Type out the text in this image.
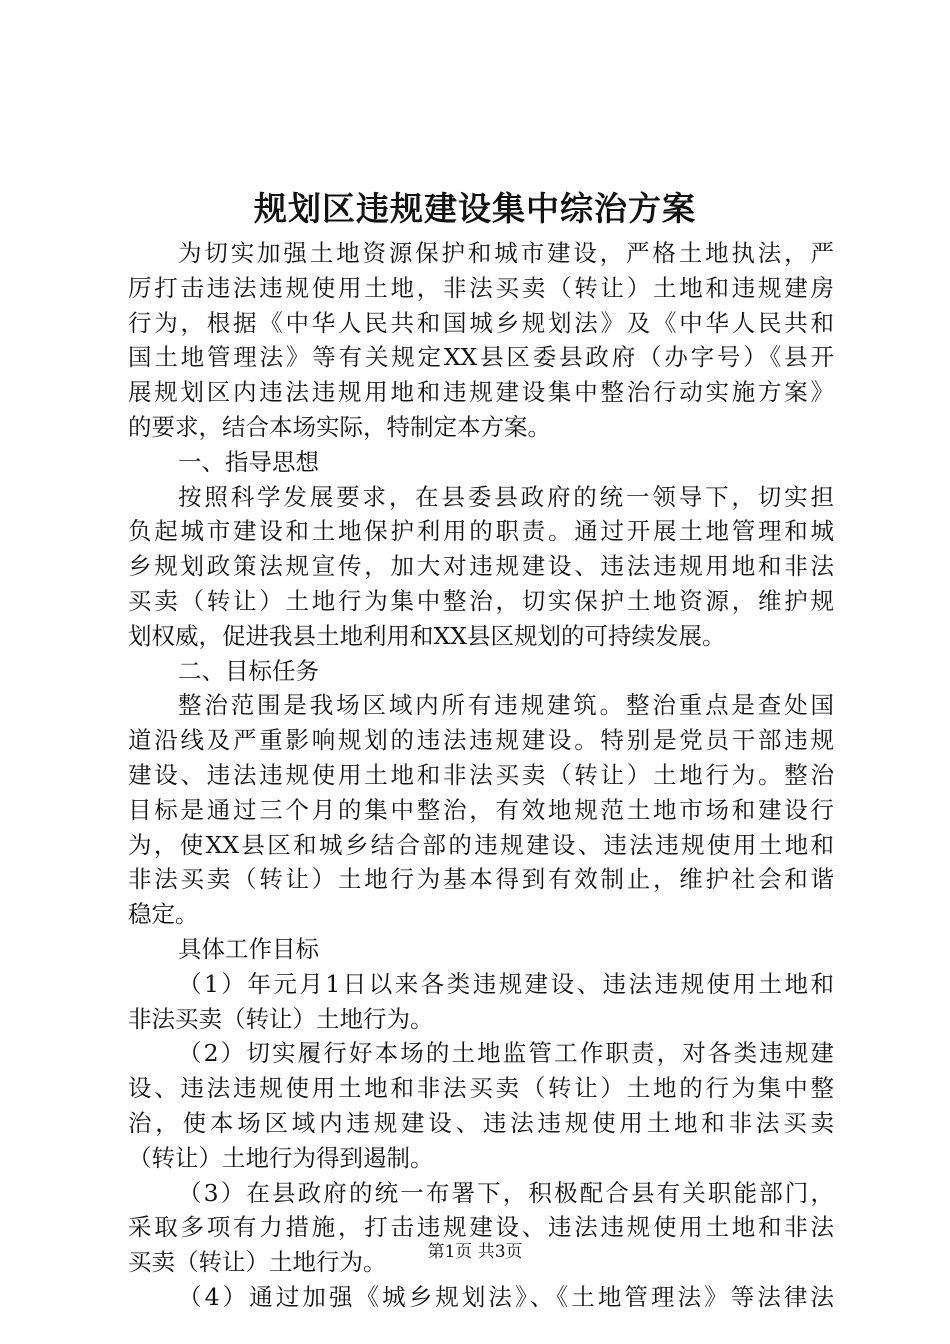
规划区违规建设集中综治方案
为切实加强土地资源保护和城市建设，严格土地执法，严
厉打击违法违规使用土地，非法买卖（转让）土地和违规建房
行为，根据《中华人民共和国城乡规划法》及《中华人民共和
国土地管理法》等有关规定XX县区委县政府（办字号）《县开
展规划区内违法违规用地和违规建设集中整治行动实施方案》
的要求，结合本场实际，特制定本方案。
一、指导思想
按照科学发展要求，在县委县政府的统一领导下，切实担
负起城市建设和土地保护利用的职责。通过开展土地管理和城
乡规划政策法规宣传，加大对违规建设、违法违规用地和非法
买卖（转让）土地行为集中整治，切实保护土地资源，维护规
划权威，促进我县土地利用和XX县区规划的可持续发展。
二、目标任务
整治范围是我场区域内所有违规建筑。整治重点是查处国
道沿线及严重影响规划的违法违规建设。特别是党员干部违规
建设、违法违规使用土地和非法买卖（转让）土地行为。整治
目标是通过三个月的集中整治，有效地规范土地市场和建设行
为，使XX县区和城乡结合部的违规建设、违法违规使用土地和
非法买卖（转让）土地行为基本得到有效制止，维护社会和谐
稳定。
具体工作目标
（1）年元月1日以来各类违规建设、违法违规使用土地和
非法买卖（转让）土地行为。
（2）切实履行好本场的土地监管工作职责，对各类违规建
设、违法违规使用土地和非法买卖（转让）土地的行为集中整
治，使本场区域内违规建设、违法违规使用土地和非法买卖
（转让）土地行为得到遏制。
（3）在县政府的统一布署下，积极配合县有关职能部门，
采取多项有力措施，打击违规建设、违法违规使用土地和非法
买卖（转让）土地行为。
（4）通过加强《城乡规划法》、《土地管理法》等法律法
第1页 共3页
